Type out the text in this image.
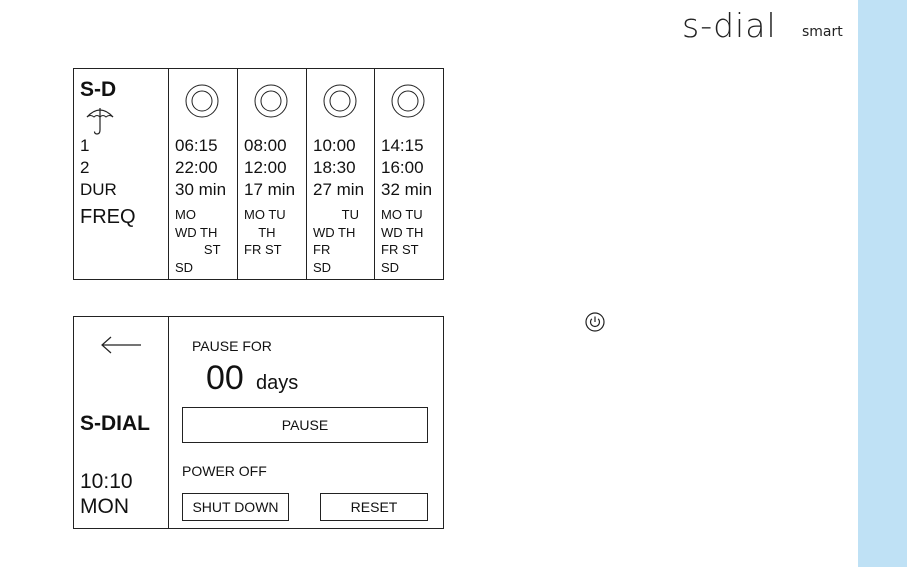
s-dial smart
S-D
1
2
DUR
FREQ
06:15
22:00
30 min
MO
WD TH
ST
SD
08:00
12:00
17 min
MO TU
TH
FR ST
10:00
18:30
27 min
TU
WD TH
FR
SD
14:15
16:00
32 min
MO TU
WD TH
FR ST
SD
S-DIAL
10:10
MON
PAUSE FOR
00 days
PAUSE
POWER OFF
SHUT DOWN	RESET
